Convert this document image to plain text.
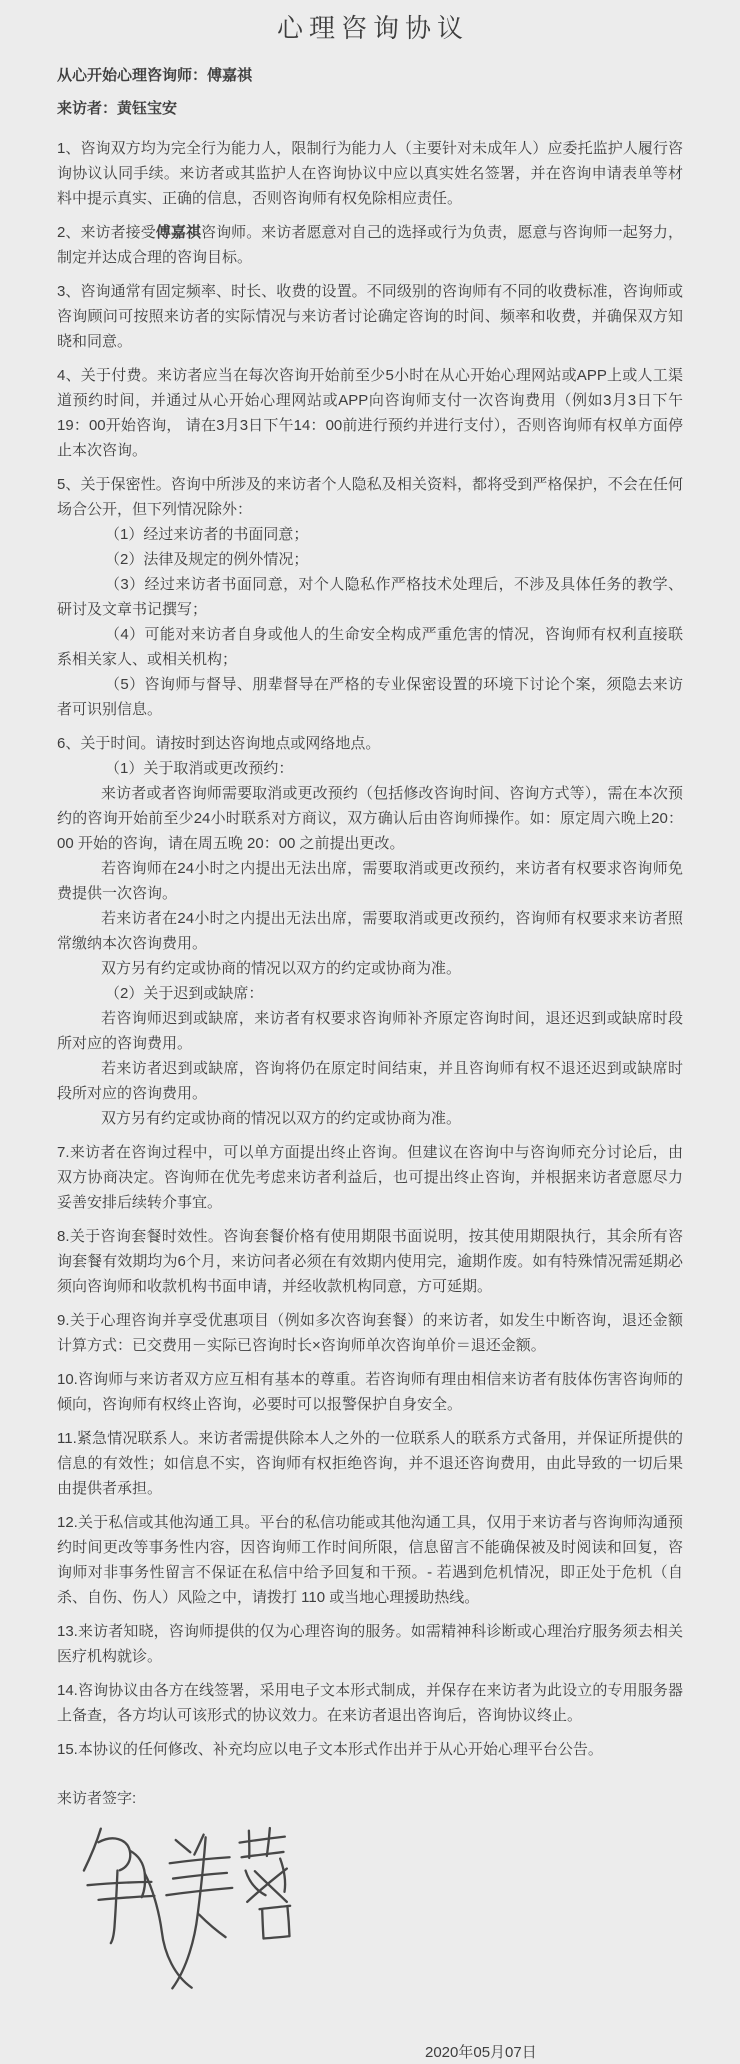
心理咨询协议

从心开始心理咨询师：傅嘉祺

来访者：黄钰宝安

1、咨询双方均为完全行为能力人，限制行为能力人（主要针对未成年人）应委托监护人履行咨询协议认同手续。来访者或其监护人在咨询协议中应以真实姓名签署，并在咨询申请表单等材料中提示真实、正确的信息，否则咨询师有权免除相应责任。

2、来访者接受傅嘉祺咨询师。来访者愿意对自己的选择或行为负责，愿意与咨询师一起努力，制定并达成合理的咨询目标。

3、咨询通常有固定频率、时长、收费的设置。不同级别的咨询师有不同的收费标准，咨询师或咨询顾问可按照来访者的实际情况与来访者讨论确定咨询的时间、频率和收费，并确保双方知晓和同意。

4、关于付费。来访者应当在每次咨询开始前至少5小时在从心开始心理网站或APP上或人工渠道预约时间，并通过从心开始心理网站或APP向咨询师支付一次咨询费用（例如3月3日下午19：00开始咨询， 请在3月3日下午14：00前进行预约并进行支付），否则咨询师有权单方面停止本次咨询。

5、关于保密性。咨询中所涉及的来访者个人隐私及相关资料，都将受到严格保护，不会在任何场合公开，但下列情况除外：

（1）经过来访者的书面同意；

（2）法律及规定的例外情况；

（3）经过来访者书面同意，对个人隐私作严格技术处理后，不涉及具体任务的教学、研讨及文章书记撰写；

（4）可能对来访者自身或他人的生命安全构成严重危害的情况，咨询师有权利直接联系相关家人、或相关机构；

（5）咨询师与督导、朋辈督导在严格的专业保密设置的环境下讨论个案，须隐去来访者可识别信息。

6、关于时间。请按时到达咨询地点或网络地点。

（1）关于取消或更改预约：

来访者或者咨询师需要取消或更改预约（包括修改咨询时间、咨询方式等），需在本次预约的咨询开始前至少24小时联系对方商议，双方确认后由咨询师操作。如：原定周六晚上20：00 开始的咨询，请在周五晚 20：00 之前提出更改。

若咨询师在24小时之内提出无法出席，需要取消或更改预约，来访者有权要求咨询师免费提供一次咨询。

若来访者在24小时之内提出无法出席，需要取消或更改预约，咨询师有权要求来访者照常缴纳本次咨询费用。

双方另有约定或协商的情况以双方的约定或协商为准。

（2）关于迟到或缺席：

若咨询师迟到或缺席，来访者有权要求咨询师补齐原定咨询时间，退还迟到或缺席时段所对应的咨询费用。

若来访者迟到或缺席，咨询将仍在原定时间结束，并且咨询师有权不退还迟到或缺席时段所对应的咨询费用。

双方另有约定或协商的情况以双方的约定或协商为准。

7.来访者在咨询过程中，可以单方面提出终止咨询。但建议在咨询中与咨询师充分讨论后，由双方协商决定。咨询师在优先考虑来访者利益后，也可提出终止咨询，并根据来访者意愿尽力妥善安排后续转介事宜。

8.关于咨询套餐时效性。咨询套餐价格有使用期限书面说明，按其使用期限执行，其余所有咨询套餐有效期均为6个月，来访问者必须在有效期内使用完，逾期作废。如有特殊情况需延期必须向咨询师和收款机构书面申请，并经收款机构同意，方可延期。

9.关于心理咨询并享受优惠项目（例如多次咨询套餐）的来访者，如发生中断咨询，退还金额计算方式：已交费用－实际已咨询时长×咨询师单次咨询单价＝退还金额。

10.咨询师与来访者双方应互相有基本的尊重。若咨询师有理由相信来访者有肢体伤害咨询师的倾向，咨询师有权终止咨询，必要时可以报警保护自身安全。

11.紧急情况联系人。来访者需提供除本人之外的一位联系人的联系方式备用，并保证所提供的信息的有效性；如信息不实，咨询师有权拒绝咨询，并不退还咨询费用，由此导致的一切后果由提供者承担。

12.关于私信或其他沟通工具。平台的私信功能或其他沟通工具，仅用于来访者与咨询师沟通预约时间更改等事务性内容，因咨询师工作时间所限，信息留言不能确保被及时阅读和回复，咨询师对非事务性留言不保证在私信中给予回复和干预。- 若遇到危机情况，即正处于危机（自杀、自伤、伤人）风险之中，请拨打 110 或当地心理援助热线。

13.来访者知晓，咨询师提供的仅为心理咨询的服务。如需精神科诊断或心理治疗服务须去相关医疗机构就诊。

14.咨询协议由各方在线签署，采用电子文本形式制成，并保存在来访者为此设立的专用服务器上备查，各方均认可该形式的协议效力。在来访者退出咨询后，咨询协议终止。

15.本协议的任何修改、补充均应以电子文本形式作出并于从心开始心理平台公告。

来访者签字:

2020年05月07日
